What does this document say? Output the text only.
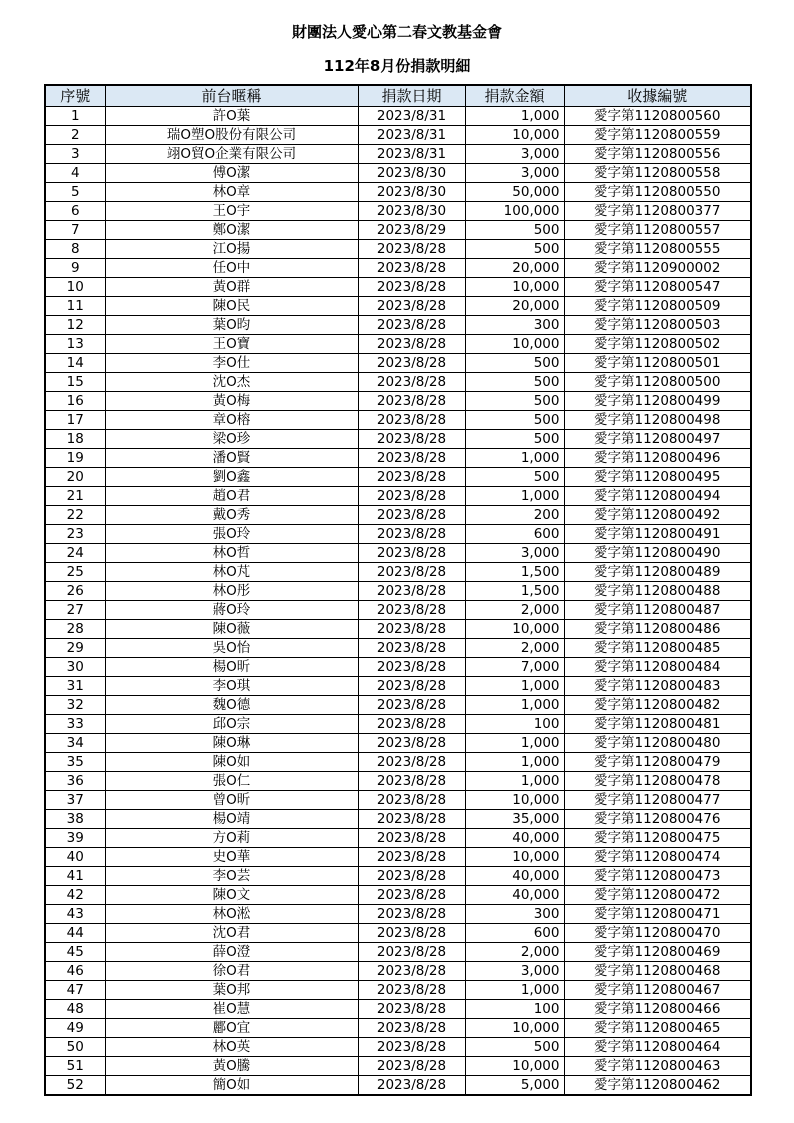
財團法人愛心第二春文教基金會
112年8月份捐款明細
序號	前台暱稱	捐款日期	捐款金額	收據編號
1	許O葉	2023/8/31	1,000	愛字第1120800560
2	瑞O塑O股份有限公司	2023/8/31	10,000	愛字第1120800559
3	翊O貿O企業有限公司	2023/8/31	3,000	愛字第1120800556
4	傅O潔	2023/8/30	3,000	愛字第1120800558
5	林O章	2023/8/30	50,000	愛字第1120800550
6	王O宇	2023/8/30	100,000	愛字第1120800377
7	鄭O潔	2023/8/29	500	愛字第1120800557
8	江O揚	2023/8/28	500	愛字第1120800555
9	任O中	2023/8/28	20,000	愛字第1120900002
10	黃O群	2023/8/28	10,000	愛字第1120800547
11	陳O民	2023/8/28	20,000	愛字第1120800509
12	葉O昀	2023/8/28	300	愛字第1120800503
13	王O寶	2023/8/28	10,000	愛字第1120800502
14	李O仕	2023/8/28	500	愛字第1120800501
15	沈O杰	2023/8/28	500	愛字第1120800500
16	黃O梅	2023/8/28	500	愛字第1120800499
17	章O榕	2023/8/28	500	愛字第1120800498
18	梁O珍	2023/8/28	500	愛字第1120800497
19	潘O賢	2023/8/28	1,000	愛字第1120800496
20	劉O鑫	2023/8/28	500	愛字第1120800495
21	趙O君	2023/8/28	1,000	愛字第1120800494
22	戴O秀	2023/8/28	200	愛字第1120800492
23	張O玲	2023/8/28	600	愛字第1120800491
24	林O哲	2023/8/28	3,000	愛字第1120800490
25	林O芃	2023/8/28	1,500	愛字第1120800489
26	林O彤	2023/8/28	1,500	愛字第1120800488
27	蔣O玲	2023/8/28	2,000	愛字第1120800487
28	陳O薇	2023/8/28	10,000	愛字第1120800486
29	吳O怡	2023/8/28	2,000	愛字第1120800485
30	楊O昕	2023/8/28	7,000	愛字第1120800484
31	李O琪	2023/8/28	1,000	愛字第1120800483
32	魏O德	2023/8/28	1,000	愛字第1120800482
33	邱O宗	2023/8/28	100	愛字第1120800481
34	陳O琳	2023/8/28	1,000	愛字第1120800480
35	陳O如	2023/8/28	1,000	愛字第1120800479
36	張O仁	2023/8/28	1,000	愛字第1120800478
37	曾O昕	2023/8/28	10,000	愛字第1120800477
38	楊O靖	2023/8/28	35,000	愛字第1120800476
39	方O莉	2023/8/28	40,000	愛字第1120800475
40	史O華	2023/8/28	10,000	愛字第1120800474
41	李O芸	2023/8/28	40,000	愛字第1120800473
42	陳O文	2023/8/28	40,000	愛字第1120800472
43	林O淞	2023/8/28	300	愛字第1120800471
44	沈O君	2023/8/28	600	愛字第1120800470
45	薛O澄	2023/8/28	2,000	愛字第1120800469
46	徐O君	2023/8/28	3,000	愛字第1120800468
47	葉O邦	2023/8/28	1,000	愛字第1120800467
48	崔O慧	2023/8/28	100	愛字第1120800466
49	酈O宜	2023/8/28	10,000	愛字第1120800465
50	林O英	2023/8/28	500	愛字第1120800464
51	黃O騰	2023/8/28	10,000	愛字第1120800463
52	簡O如	2023/8/28	5,000	愛字第1120800462
